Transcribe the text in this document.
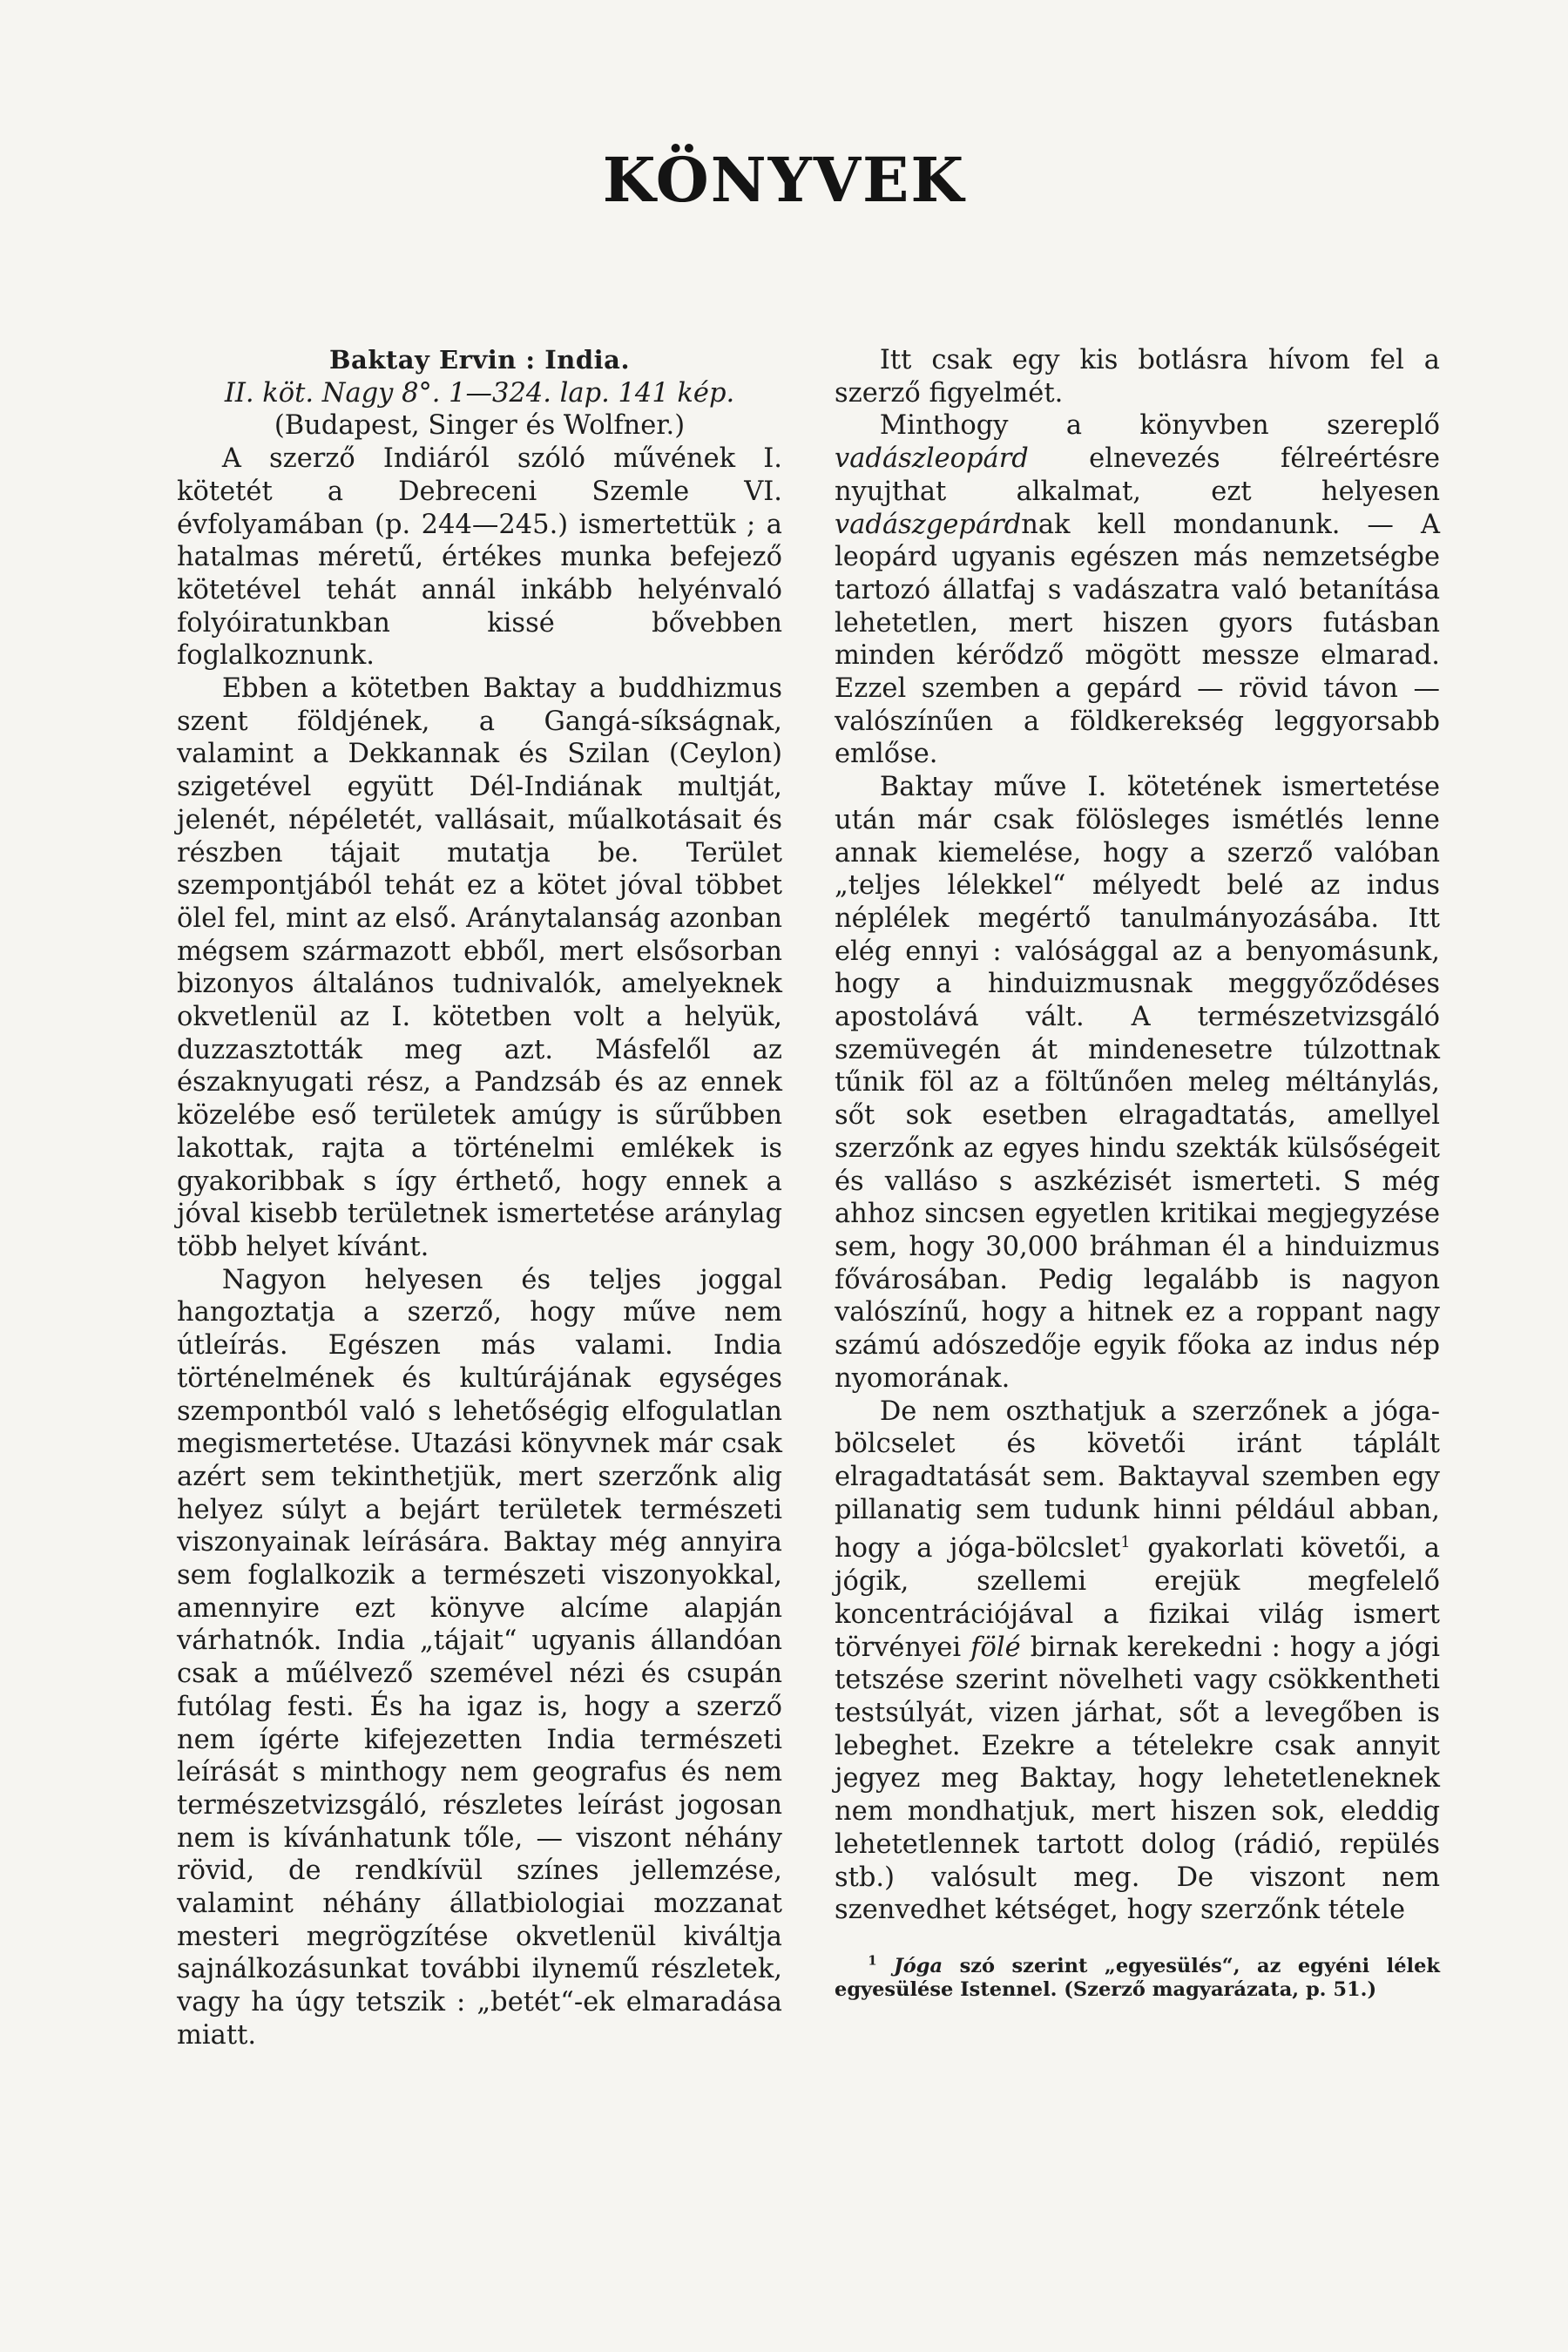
KÖNYVEK
Baktay Ervin : India.
II. köt. Nagy 8°. 1—324. lap. 141 kép.
(Budapest, Singer és Wolfner.)

A szerző Indiáról szóló művének I. kötetét a Debreceni Szemle VI. évfolyamában (p. 244—245.) ismertettük ; a hatalmas méretű, értékes munka befejező kötetével tehát annál inkább helyénvaló folyóiratunkban kissé bővebben foglalkoznunk.

Ebben a kötetben Baktay a buddhizmus szent földjének, a Gangá-síkságnak, valamint a Dekkannak és Szilan (Ceylon) szigetével együtt Dél-Indiának multját, jelenét, népéletét, vallásait, műalkotásait és részben tájait mutatja be. Terület szempontjából tehát ez a kötet jóval többet ölel fel, mint az első. Aránytalanság azonban mégsem származott ebből, mert elsősorban bizonyos általános tudnivalók, amelyeknek okvetlenül az I. kötetben volt a helyük, duzzasztották meg azt. Másfelől az északnyugati rész, a Pandzsáb és az ennek közelébe eső területek amúgy is sűrűbben lakottak, rajta a történelmi emlékek is gyakoribbak s így érthető, hogy ennek a jóval kisebb területnek ismertetése aránylag több helyet kívánt.

Nagyon helyesen és teljes joggal hangoztatja a szerző, hogy műve nem útleírás. Egészen más valami. India történelmének és kultúrájának egységes szempontból való s lehetőségig elfogulatlan megismertetése. Utazási könyvnek már csak azért sem tekinthetjük, mert szerzőnk alig helyez súlyt a bejárt területek természeti viszonyainak leírására. Baktay még annyira sem foglalkozik a természeti viszonyokkal, amennyire ezt könyve alcíme alapján várhatnók. India „tájait“ ugyanis állandóan csak a műélvező szemével nézi és csupán futólag festi. És ha igaz is, hogy a szerző nem ígérte kifejezetten India természeti leírását s minthogy nem geografus és nem természetvizsgáló, részletes leírást jogosan nem is kívánhatunk tőle, — viszont néhány rövid, de rendkívül színes jellemzése, valamint néhány állatbiologiai mozzanat mesteri megrögzítése okvetlenül kiváltja sajnálkozásunkat további ilynemű részletek, vagy ha úgy tetszik : „betét“-ek elmaradása miatt.

Itt csak egy kis botlásra hívom fel a szerző figyelmét.

Minthogy a könyvben szereplő vadászleopárd elnevezés félreértésre nyujthat alkalmat, ezt helyesen vadászgepárdnak kell mondanunk. — A leopárd ugyanis egészen más nemzetségbe tartozó állatfaj s vadászatra való betanítása lehetetlen, mert hiszen gyors futásban minden kérődző mögött messze elmarad. Ezzel szemben a gepárd — rövid távon — valószínűen a földkerekség leggyorsabb emlőse.

Baktay műve I. kötetének ismertetése után már csak fölösleges ismétlés lenne annak kiemelése, hogy a szerző valóban „teljes lélekkel“ mélyedt belé az indus néplélek megértő tanulmányozásába. Itt elég ennyi : valósággal az a benyomásunk, hogy a hinduizmusnak meggyőződéses apostolává vált. A természetvizsgáló szemüvegén át mindenesetre túlzottnak tűnik föl az a föltűnően meleg méltánylás, sőt sok esetben elragadtatás, amellyel szerzőnk az egyes hindu szekták külsőségeit és valláso s aszkézisét ismerteti. S még ahhoz sincsen egyetlen kritikai megjegyzése sem, hogy 30,000 bráhman él a hinduizmus fővárosában. Pedig legalább is nagyon valószínű, hogy a hitnek ez a roppant nagy számú adószedője egyik főoka az indus nép nyomorának.

De nem oszthatjuk a szerzőnek a jóga-bölcselet és követői iránt táplált elragadtatását sem. Baktayval szemben egy pillanatig sem tudunk hinni például abban, hogy a jóga-bölcslet$^1$ gyakorlati követői, a jógik, szellemi erejük megfelelő koncentrációjával a fizikai világ ismert törvényei fölé birnak kerekedni : hogy a jógi tetszése szerint növelheti vagy csökkentheti testsúlyát, vizen járhat, sőt a levegőben is lebeghet. Ezekre a tételekre csak annyit jegyez meg Baktay, hogy lehetetleneknek nem mondhatjuk, mert hiszen sok, eleddig lehetetlennek tartott dolog (rádió, repülés stb.) valósult meg. De viszont nem szenvedhet kétséget, hogy szerzőnk tétele

$^1$ Jóga szó szerint „egyesülés“, az egyéni lélek egyesülése Istennel. (Szerző magyarázata, p. 51.)
